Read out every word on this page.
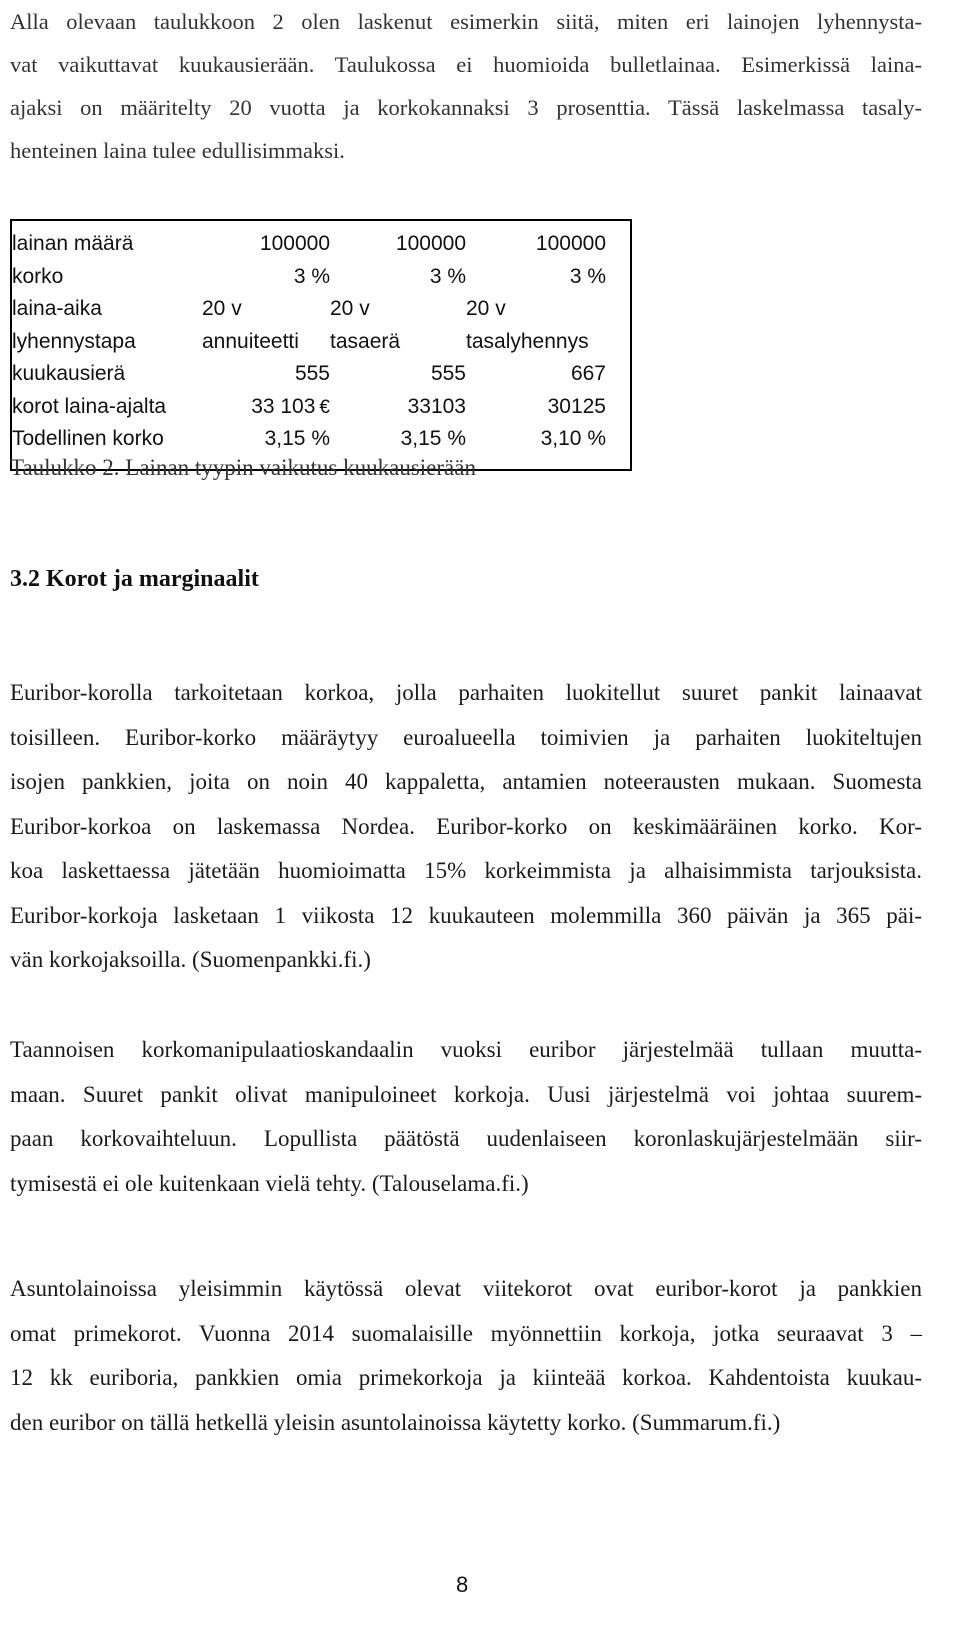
Alla olevaan taulukkoon 2 olen laskenut esimerkin siitä, miten eri lainojen lyhennysta-
vat vaikuttavat kuukausierään. Taulukossa ei huomioida bulletlainaa. Esimerkissä laina-
ajaksi on määritelty 20 vuotta ja korkokannaksi 3 prosenttia. Tässä laskelmassa tasaly-
henteinen laina tulee edullisimmaksi.

lainan määrä	100000	100000	100000
korko	3 %	3 %	3 %
laina-aika	20 v	20 v	20 v
lyhennystapa	annuiteetti	tasaerä	tasalyhennys
kuukausierä	555	555	667
korot laina-ajalta	33 103 €	33103	30125
Todellinen korko	3,15 %	3,15 %	3,10 %

Taulukko 2. Lainan tyypin vaikutus kuukausierään

3.2 Korot ja marginaalit

Euribor-korolla tarkoitetaan korkoa, jolla parhaiten luokitellut suuret pankit lainaavat
toisilleen. Euribor-korko määräytyy euroalueella toimivien ja parhaiten luokiteltujen
isojen pankkien, joita on noin 40 kappaletta, antamien noteerausten mukaan. Suomesta
Euribor-korkoa on laskemassa Nordea. Euribor-korko on keskimääräinen korko. Kor-
koa laskettaessa jätetään huomioimatta 15% korkeimmista ja alhaisimmista tarjouksista.
Euribor-korkoja lasketaan 1 viikosta 12 kuukauteen molemmilla 360 päivän ja 365 päi-
vän korkojaksoilla. (Suomenpankki.fi.)

Taannoisen korkomanipulaatioskandaalin vuoksi euribor järjestelmää tullaan muutta-
maan. Suuret pankit olivat manipuloineet korkoja. Uusi järjestelmä voi johtaa suurem-
paan korkovaihteluun. Lopullista päätöstä uudenlaiseen koronlaskujärjestelmään siir-
tymisestä ei ole kuitenkaan vielä tehty. (Talouselama.fi.)

Asuntolainoissa yleisimmin käytössä olevat viitekorot ovat euribor-korot ja pankkien
omat primekorot. Vuonna 2014 suomalaisille myönnettiin korkoja, jotka seuraavat 3 –
12 kk euriboria, pankkien omia primekorkoja ja kiinteää korkoa. Kahdentoista kuukau-
den euribor on tällä hetkellä yleisin asuntolainoissa käytetty korko. (Summarum.fi.)

8
